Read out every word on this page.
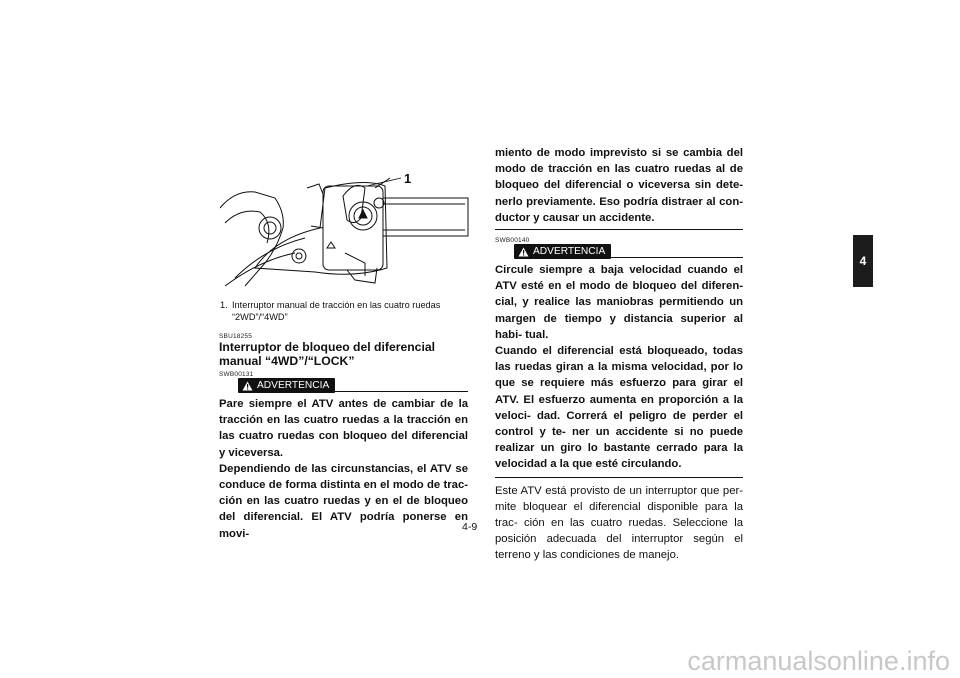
1
1. Interruptor manual de tracción en las cuatro ruedas “2WD”/“4WD”
SBU18255
Interruptor de bloqueo del diferencial manual “4WD”/“LOCK”
SWB00131
ADVERTENCIA

Pare siempre el ATV antes de cambiar de la tracción en las cuatro ruedas a la tracción en las cuatro ruedas con bloqueo del diferencial y viceversa.

Dependiendo de las circunstancias, el ATV se conduce de forma distinta en el modo de trac- ción en las cuatro ruedas y en el de bloqueo del diferencial. El ATV podría ponerse en movi-

miento de modo imprevisto si se cambia del modo de tracción en las cuatro ruedas al de bloqueo del diferencial o viceversa sin dete- nerlo previamente. Eso podría distraer al con- ductor y causar un accidente.

SWB00140
ADVERTENCIA

Circule siempre a baja velocidad cuando el ATV esté en el modo de bloqueo del diferen- cial, y realice las maniobras permitiendo un margen de tiempo y distancia superior al habi- tual.

Cuando el diferencial está bloqueado, todas las ruedas giran a la misma velocidad, por lo que se requiere más esfuerzo para girar el ATV. El esfuerzo aumenta en proporción a la veloci- dad. Correrá el peligro de perder el control y te- ner un accidente si no puede realizar un giro lo bastante cerrado para la velocidad a la que esté circulando.

Este ATV está provisto de un interruptor que per- mite bloquear el diferencial disponible para la trac- ción en las cuatro ruedas. Seleccione la posición adecuada del interruptor según el terreno y las condiciones de manejo.
4
4-9
carmanualsonline.info
